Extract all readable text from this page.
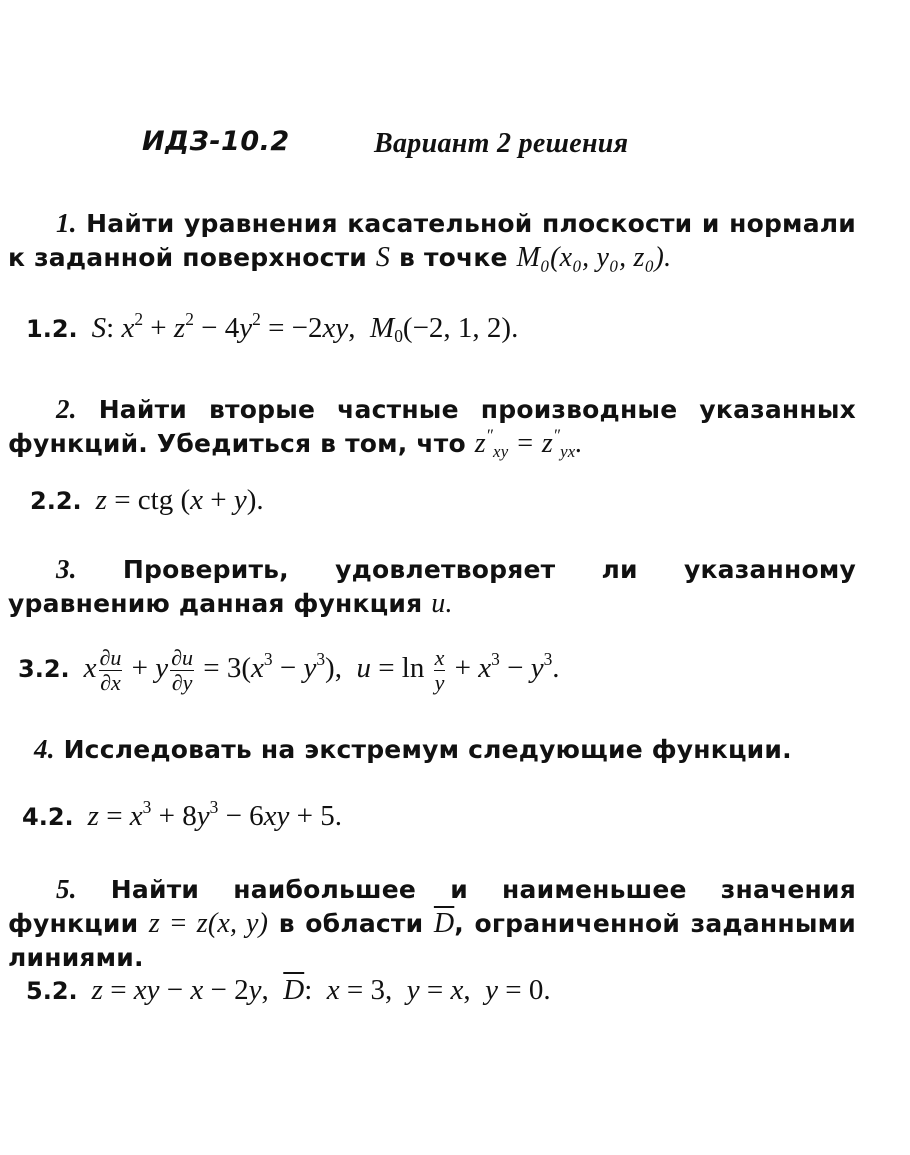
ИДЗ-10.2	Вариант 2 решения
1. Найти уравнения касательной плоскости и нормали к заданной поверхности S в точке M₀(x₀, y₀, z₀).
1.2. S: $x^2 + z^2 - 4y^2 = -2xy$,  $M_0(-2$, 1, 2).
2. Найти вторые частные производные указанных функций. Убедиться в том, что $z''_{xy} = z''_{yx}$.
2.2. z = ctg (x + y).
3. Проверить, удовлетворяет ли указанному уравнению данная функция u.
3.2. x $\frac{\partial u}{\partial x} + y \frac{\partial u}{\partial y} = 3(x^3 - y^3)$,  $u = \ln \frac{x}{y} + x^3 - y^3$.
4. Исследовать на экстремум следующие функции.
4.2. $z = x^3 + 8y^3 - 6xy + 5$.
5. Найти наибольшее и наименьшее значения функции z = z(x, y) в области $\overline{D}$, ограниченной заданными линиями.
5.2. z = xy − x − 2y,  $\overline{D}$:  x = 3,  y = x,  y = 0.
